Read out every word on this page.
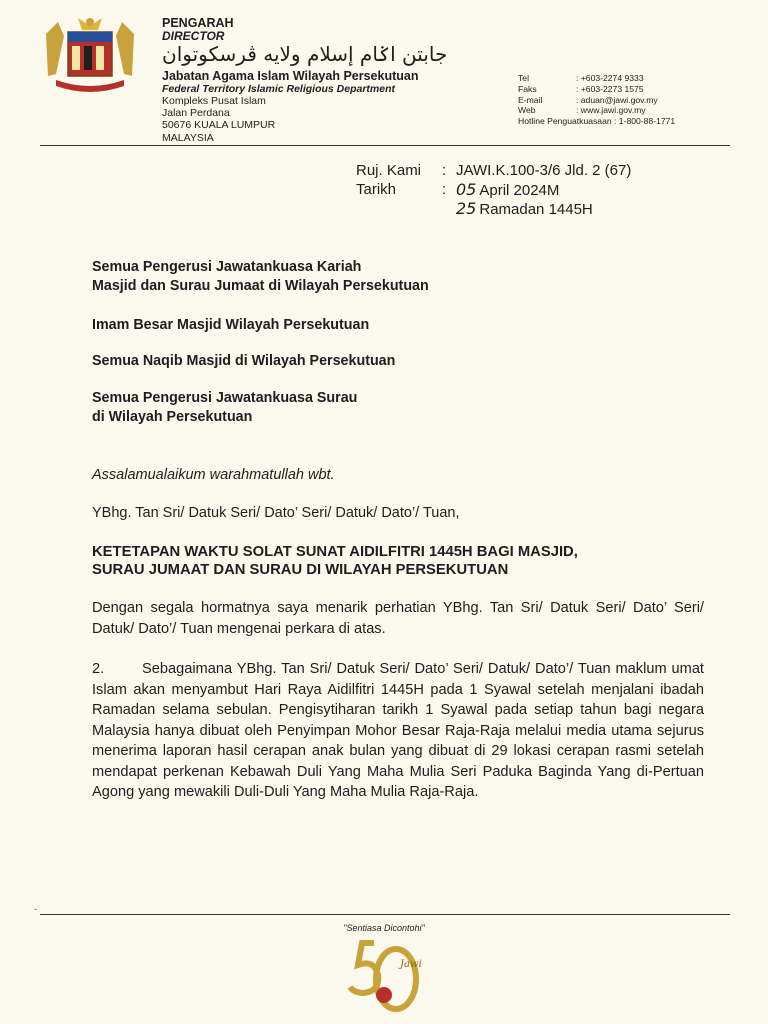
PENGARAH
DIRECTOR
جابتن اݢام إسلام ولايه ڤرسكوتوان
Jabatan Agama Islam Wilayah Persekutuan
Federal Territory Islamic Religious Department
Kompleks Pusat Islam
Jalan Perdana
50676 KUALA LUMPUR
MALAYSIA
Tel	: +603-2274 9333
Faks	: +603-2273 1575
E-mail	: aduan@jawi.gov.my
Web	: www.jawi.gov.my
Hotline Penguatkuasaan : 1-800-88-1771
Ruj. Kami	: JAWI.K.100-3/6 Jld. 2 (67)
Tarikh	: 05 April 2024M
25 Ramadan 1445H
Semua Pengerusi Jawatankuasa Kariah
Masjid dan Surau Jumaat di Wilayah Persekutuan
Imam Besar Masjid Wilayah Persekutuan
Semua Naqib Masjid di Wilayah Persekutuan
Semua Pengerusi Jawatankuasa Surau
di Wilayah Persekutuan
Assalamualaikum warahmatullah wbt.
YBhg. Tan Sri/ Datuk Seri/ Dato’ Seri/ Datuk/ Dato’/ Tuan,
KETETAPAN WAKTU SOLAT SUNAT AIDILFITRI 1445H BAGI MASJID,
SURAU JUMAAT DAN SURAU DI WILAYAH PERSEKUTUAN
Dengan segala hormatnya saya menarik perhatian YBhg. Tan Sri/ Datuk Seri/ Dato’ Seri/ Datuk/ Dato’/ Tuan mengenai perkara di atas.
2.	Sebagaimana YBhg. Tan Sri/ Datuk Seri/ Dato’ Seri/ Datuk/ Dato’/ Tuan maklum umat Islam akan menyambut Hari Raya Aidilfitri 1445H pada 1 Syawal setelah menjalani ibadah Ramadan selama sebulan. Pengisytiharan tarikh 1 Syawal pada setiap tahun bagi negara Malaysia hanya dibuat oleh Penyimpan Mohor Besar Raja-Raja melalui media utama sejurus menerima laporan hasil cerapan anak bulan yang dibuat di 29 lokasi cerapan rasmi setelah mendapat perkenan Kebawah Duli Yang Maha Mulia Seri Paduka Baginda Yang di-Pertuan Agong yang mewakili Duli-Duli Yang Maha Mulia Raja-Raja.
-
"Sentiasa Dicontohi"
Jawi
